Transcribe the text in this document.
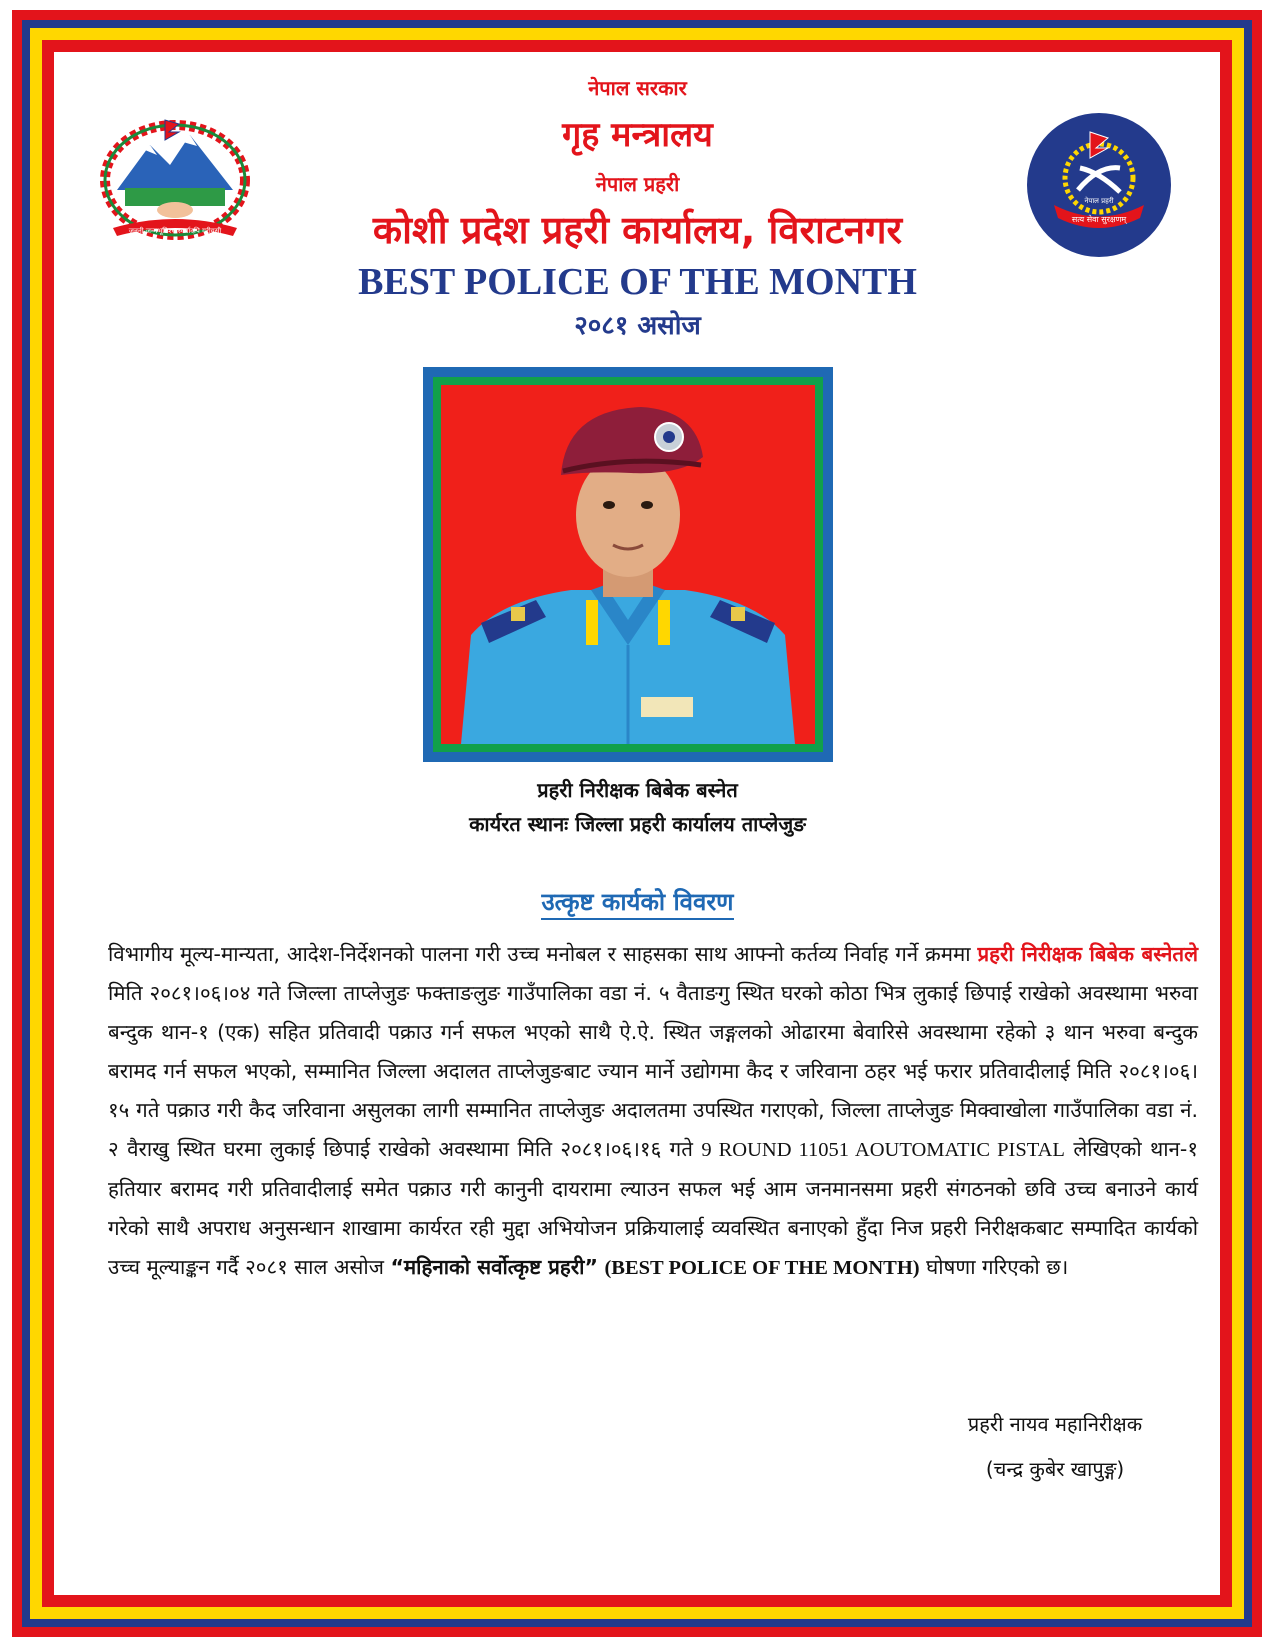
जननी जन्मभूमिश्च स्वर्गादपि गरीयसी
सत्य सेवा सुरक्षणम्
नेपाल प्रहरी
नेपाल सरकार
गृह मन्त्रालय
नेपाल प्रहरी
कोशी प्रदेश प्रहरी कार्यालय, विराटनगर
BEST POLICE OF THE MONTH
२०८१ असोज
प्रहरी निरीक्षक बिबेक बस्नेत
कार्यरत स्थानः जिल्ला प्रहरी कार्यालय ताप्लेजुङ
उत्कृष्ट कार्यको विवरण
विभागीय मूल्य-मान्यता, आदेश-निर्देशनको पालना गरी उच्च मनोबल र साहसका साथ आफ्नो कर्तव्य निर्वाह गर्ने क्रममा प्रहरी निरीक्षक बिबेक बस्नेतले मिति २०८१।०६।०४ गते जिल्ला ताप्लेजुङ फक्ताङलुङ गाउँपालिका वडा नं. ५ वैताङगु स्थित घरको कोठा भित्र लुकाई छिपाई राखेको अवस्थामा भरुवा बन्दुक थान-१ (एक) सहित प्रतिवादी पक्राउ गर्न सफल भएको साथै ऐ.ऐ. स्थित जङ्गलको ओढारमा बेवारिसे अवस्थामा रहेको ३ थान भरुवा बन्दुक बरामद गर्न सफल भएको, सम्मानित जिल्ला अदालत ताप्लेजुङबाट ज्यान मार्ने उद्योगमा कैद र जरिवाना ठहर भई फरार प्रतिवादीलाई मिति २०८१।०६।१५ गते पक्राउ गरी कैद जरिवाना असुलका लागी सम्मानित ताप्लेजुङ अदालतमा उपस्थित गराएको, जिल्ला ताप्लेजुङ मिक्वाखोला गाउँपालिका वडा नं. २ वैराखु स्थित घरमा लुकाई छिपाई राखेको अवस्थामा मिति २०८१।०६।१६ गते 9 ROUND 11051 AOUTOMATIC PISTAL लेखिएको थान-१ हतियार बरामद गरी प्रतिवादीलाई समेत पक्राउ गरी कानुनी दायरामा ल्याउन सफल भई आम जनमानसमा प्रहरी संगठनको छवि उच्च बनाउने कार्य गरेको साथै अपराध अनुसन्धान शाखामा कार्यरत रही मुद्दा अभियोजन प्रक्रियालाई व्यवस्थित बनाएको हुँदा निज प्रहरी निरीक्षकबाट सम्पादित कार्यको उच्च मूल्याङ्कन गर्दै २०८१ साल असोज “महिनाको सर्वोत्कृष्ट प्रहरी” (BEST POLICE OF THE MONTH) घोषणा गरिएको छ।
प्रहरी नायव महानिरीक्षक
(चन्द्र कुबेर खापुङ्ग)
